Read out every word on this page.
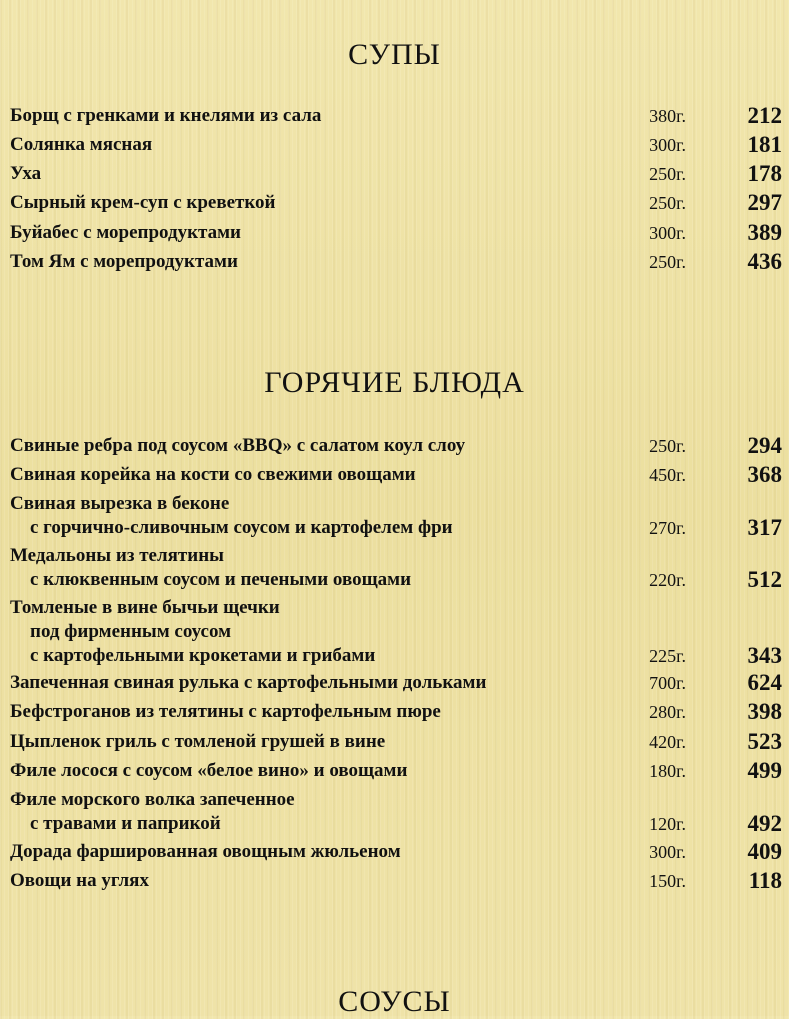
СУПЫ
Борщ с гренками и кнелями из сала	380г.	212
Солянка мясная	300г.	181
Уха	250г.	178
Сырный крем-суп с креветкой	250г.	297
Буйабес с морепродуктами	300г.	389
Том Ям с морепродуктами	250г.	436
ГОРЯЧИЕ БЛЮДА
Свиные ребра под соусом «BBQ» с салатом коул слоу	250г.	294
Свиная корейка на кости со свежими овощами	450г.	368
Свиная вырезка в беконе
с горчично-сливочным соусом и картофелем фри	270г.	317
Медальоны из телятины
с клюквенным соусом и печеными овощами	220г.	512
Томленые в вине бычьи щечки
под фирменным соусом
с картофельными крокетами и грибами	225г.	343
Запеченная свиная рулька с картофельными дольками	700г.	624
Бефстроганов из телятины с картофельным пюре	280г.	398
Цыпленок гриль с томленой грушей в вине	420г.	523
Филе лосося с соусом «белое вино» и овощами	180г.	499
Филе морского волка запеченное
с травами и паприкой	120г.	492
Дорада фаршированная овощным жюльеном	300г.	409
Овощи на углях	150г.	118
СОУСЫ
